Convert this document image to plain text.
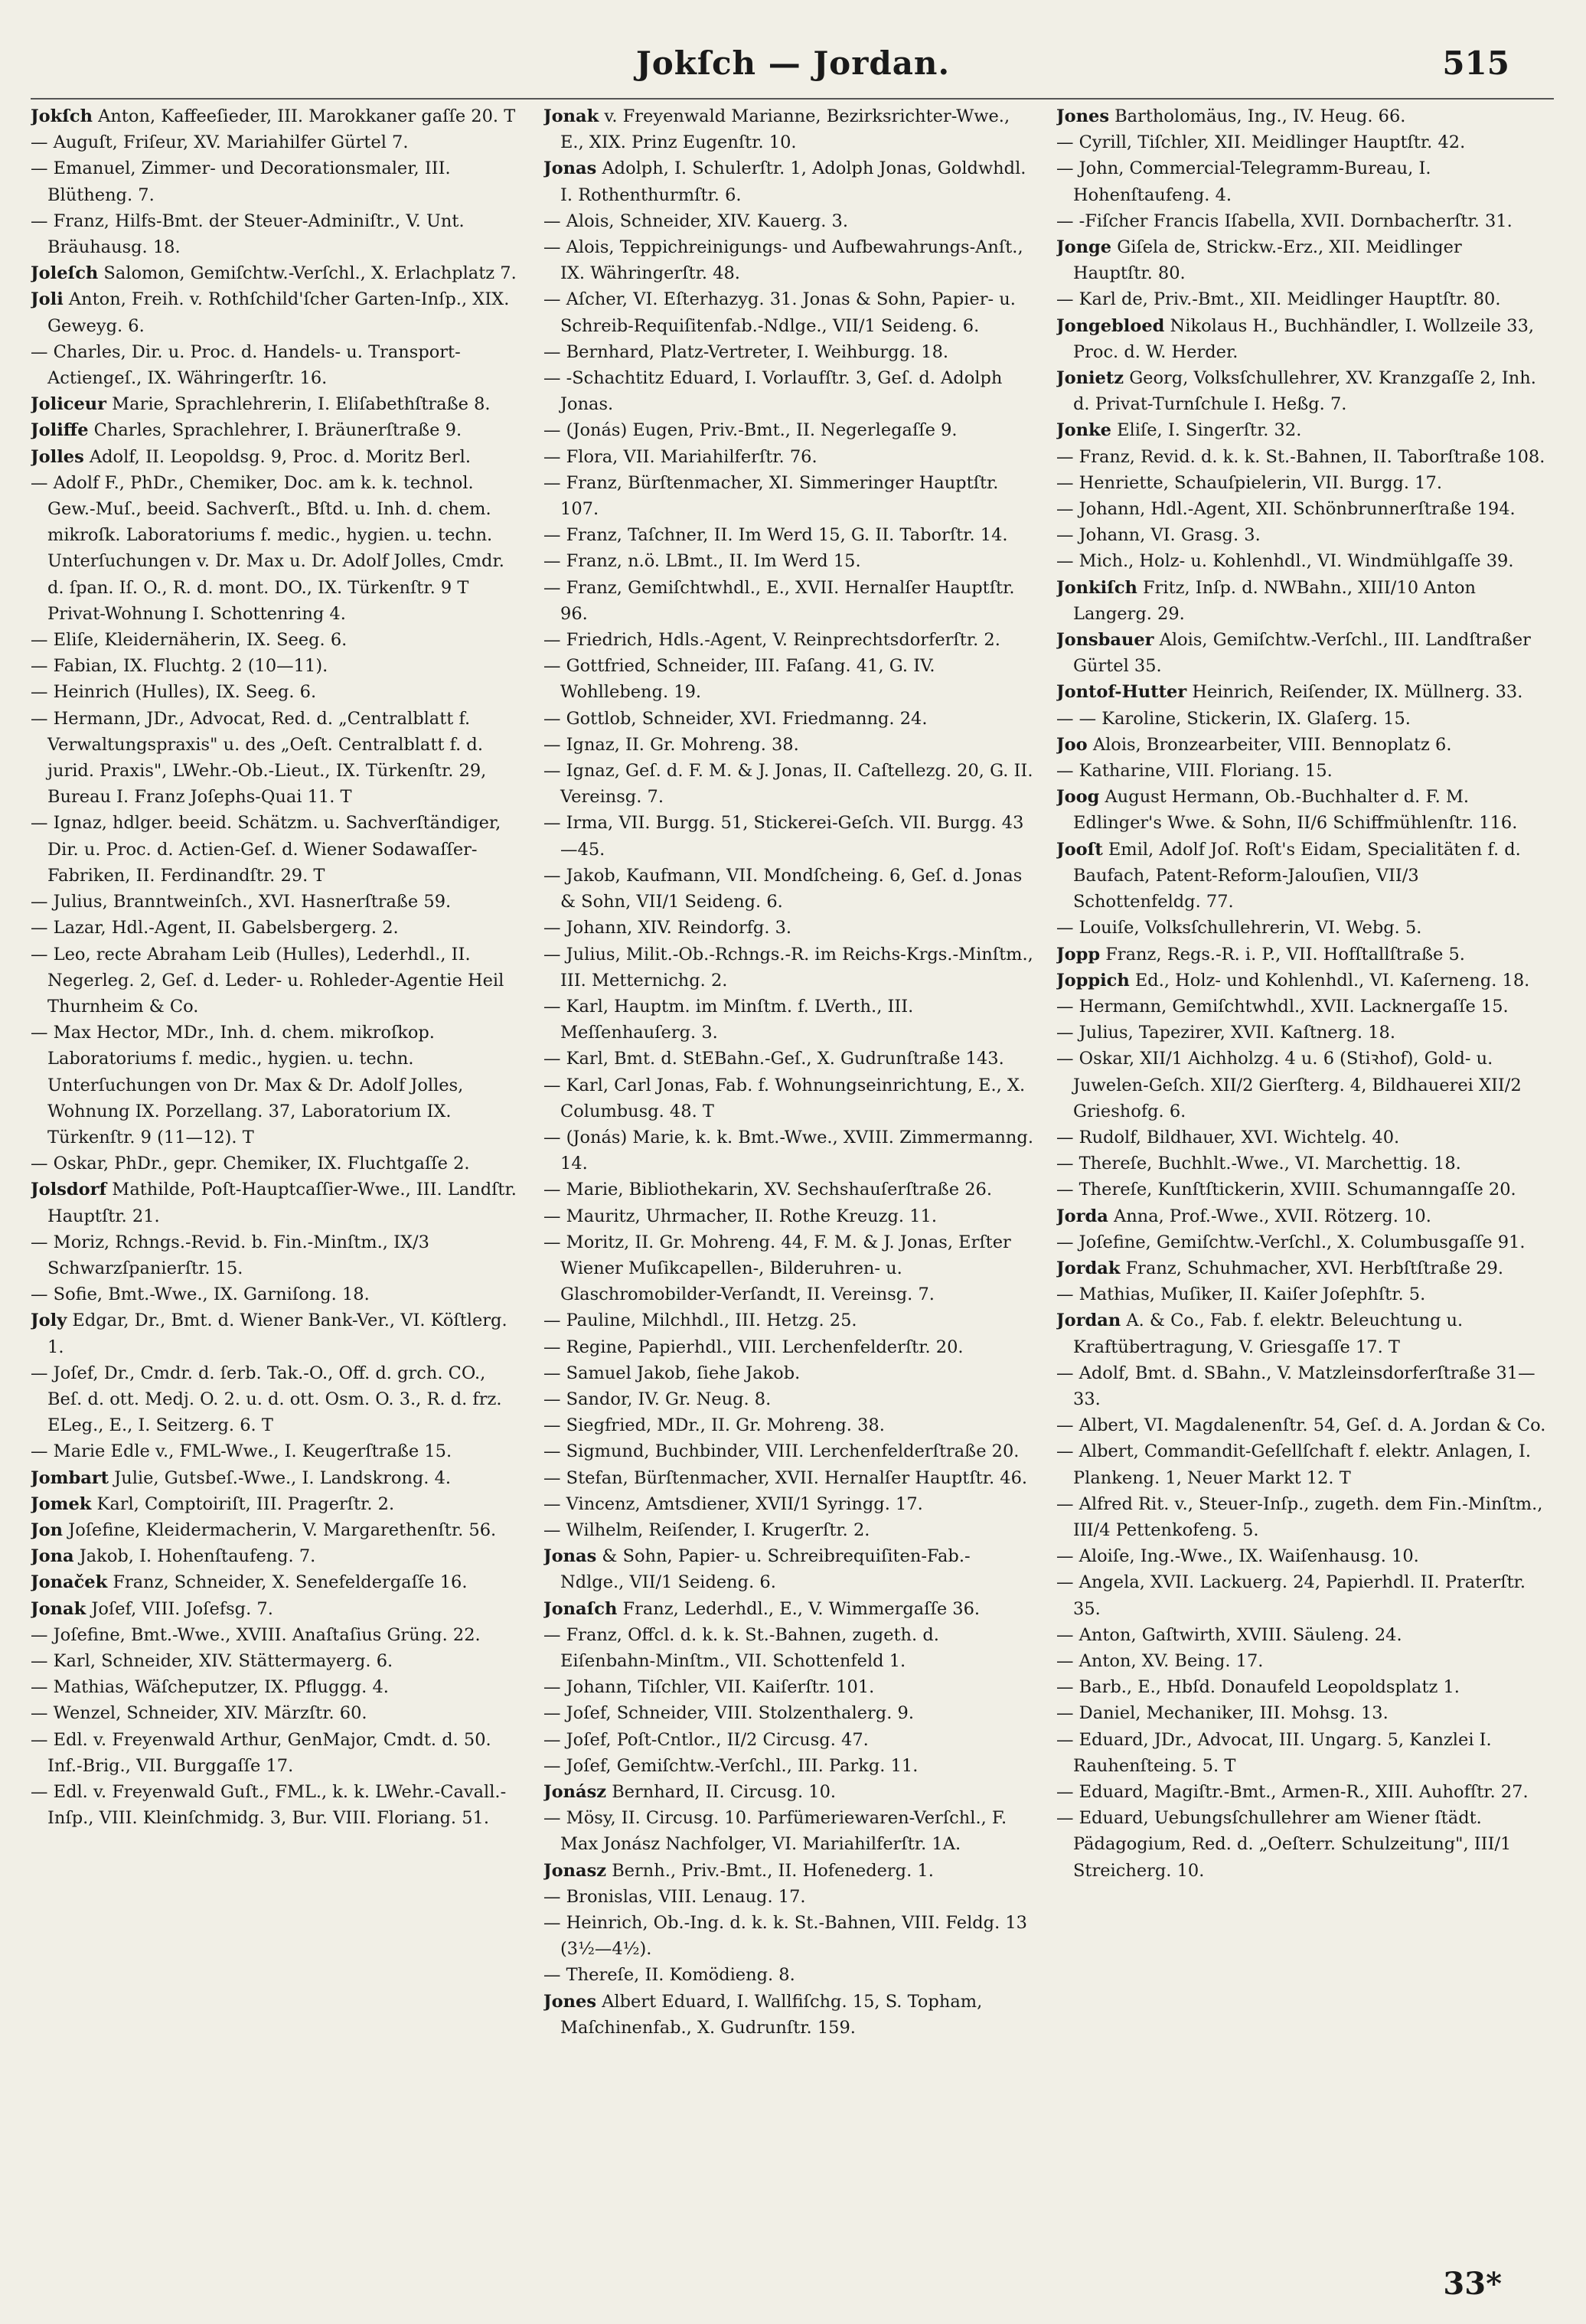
Jokſch — Jordan.	515

Jokſch Anton, Kaffeeſieder, III. Marokkaner gaſſe 20. T

— Auguſt, Friſeur, XV. Mariahilfer Gürtel 7.

— Emanuel, Zimmer- und Decorationsmaler, III. Blütheng. 7.

— Franz, Hilfs-Bmt. der Steuer-Adminiſtr., V. Unt. Bräuhausg. 18.

Joleſch Salomon, Gemiſchtw.-Verſchl., X. Erlachplatz 7.

Joli Anton, Freih. v. Rothſchild'ſcher Garten-Inſp., XIX. Geweyg. 6.

— Charles, Dir. u. Proc. d. Handels- u. Transport-Actiengeſ., IX. Währingerſtr. 16.

Joliceur Marie, Sprachlehrerin, I. Eliſabethſtraße 8.

Joliffe Charles, Sprachlehrer, I. Bräunerſtraße 9.

Jolles Adolf, II. Leopoldsg. 9, Proc. d. Moritz Berl.

— Adolf F., PhDr., Chemiker, Doc. am k. k. technol. Gew.-Muſ., beeid. Sachverſt., Bſtd. u. Inh. d. chem. mikroſk. Laboratoriums f. medic., hygien. u. techn. Unterſuchungen v. Dr. Max u. Dr. Adolf Jolles, Cmdr. d. ſpan. Iſ. O., R. d. mont. DO., IX. Türkenſtr. 9 T Privat-Wohnung I. Schottenring 4.

— Eliſe, Kleidernäherin, IX. Seeg. 6.

— Fabian, IX. Fluchtg. 2 (10—11).

— Heinrich (Hulles), IX. Seeg. 6.

— Hermann, JDr., Advocat, Red. d. „Centralblatt f. Verwaltungspraxis" u. des „Oeſt. Centralblatt f. d. jurid. Praxis", LWehr.-Ob.-Lieut., IX. Türkenſtr. 29, Bureau I. Franz Joſephs-Quai 11. T

— Ignaz, hdlger. beeid. Schätzm. u. Sachverſtändiger, Dir. u. Proc. d. Actien-Geſ. d. Wiener Sodawaſſer-Fabriken, II. Ferdinandſtr. 29. T

— Julius, Branntweinſch., XVI. Hasnerſtraße 59.

— Lazar, Hdl.-Agent, II. Gabelsbergerg. 2.

— Leo, recte Abraham Leib (Hulles), Lederhdl., II. Negerleg. 2, Geſ. d. Leder- u. Rohleder-Agentie Heil Thurnheim & Co.

— Max Hector, MDr., Inh. d. chem. mikroſkop. Laboratoriums f. medic., hygien. u. techn. Unterſuchungen von Dr. Max & Dr. Adolf Jolles, Wohnung IX. Porzellang. 37, Laboratorium IX. Türkenſtr. 9 (11—12). T

— Oskar, PhDr., gepr. Chemiker, IX. Fluchtgaſſe 2.

Jolsdorf Mathilde, Poſt-Hauptcaſſier-Wwe., III. Landſtr. Hauptſtr. 21.

— Moriz, Rchngs.-Revid. b. Fin.-Minſtm., IX/3 Schwarzſpanierſtr. 15.

— Sofie, Bmt.-Wwe., IX. Garniſong. 18.

Joly Edgar, Dr., Bmt. d. Wiener Bank-Ver., VI. Köſtlerg. 1.

— Joſef, Dr., Cmdr. d. ſerb. Tak.-O., Off. d. grch. CO., Beſ. d. ott. Medj. O. 2. u. d. ott. Osm. O. 3., R. d. frz. ELeg., E., I. Seitzerg. 6. T

— Marie Edle v., FML-Wwe., I. Keugerſtraße 15.

Jombart Julie, Gutsbeſ.-Wwe., I. Landskrong. 4.

Jomek Karl, Comptoiriſt, III. Pragerſtr. 2.

Jon Joſefine, Kleidermacherin, V. Margarethenſtr. 56.

Jona Jakob, I. Hohenſtaufeng. 7.

Jonaček Franz, Schneider, X. Senefeldergaſſe 16.

Jonak Joſef, VIII. Joſefsg. 7.

— Joſefine, Bmt.-Wwe., XVIII. Anaſtaſius Grüng. 22.

— Karl, Schneider, XIV. Stättermayerg. 6.

— Mathias, Wäſcheputzer, IX. Pfluggg. 4.

— Wenzel, Schneider, XIV. Märzſtr. 60.

— Edl. v. Freyenwald Arthur, GenMajor, Cmdt. d. 50. Inf.-Brig., VII. Burggaſſe 17.

— Edl. v. Freyenwald Guſt., FML., k. k. LWehr.-Cavall.-Inſp., VIII. Kleinſchmidg. 3, Bur. VIII. Floriang. 51.

Jonak v. Freyenwald Marianne, Bezirksrichter-Wwe., E., XIX. Prinz Eugenſtr. 10.

Jonas Adolph, I. Schulerſtr. 1, Adolph Jonas, Goldwhdl. I. Rothenthurmſtr. 6.

— Alois, Schneider, XIV. Kauerg. 3.

— Alois, Teppichreinigungs- und Aufbewahrungs-Anſt., IX. Währingerſtr. 48.

— Aſcher, VI. Eſterhazyg. 31. Jonas & Sohn, Papier- u. Schreib-Requiſitenfab.-Ndlge., VII/1 Seideng. 6.

— Bernhard, Platz-Vertreter, I. Weihburgg. 18.

— -Schachtitz Eduard, I. Vorlaufſtr. 3, Geſ. d. Adolph Jonas.

— (Jonás) Eugen, Priv.-Bmt., II. Negerlegaſſe 9.

— Flora, VII. Mariahilferſtr. 76.

— Franz, Bürſtenmacher, XI. Simmeringer Hauptſtr. 107.

— Franz, Taſchner, II. Im Werd 15, G. II. Taborſtr. 14.

— Franz, n.ö. LBmt., II. Im Werd 15.

— Franz, Gemiſchtwhdl., E., XVII. Hernalſer Hauptſtr. 96.

— Friedrich, Hdls.-Agent, V. Reinprechtsdorferſtr. 2.

— Gottfried, Schneider, III. Faſang. 41, G. IV. Wohllebeng. 19.

— Gottlob, Schneider, XVI. Friedmanng. 24.

— Ignaz, II. Gr. Mohreng. 38.

— Ignaz, Geſ. d. F. M. & J. Jonas, II. Caſtellezg. 20, G. II. Vereinsg. 7.

— Irma, VII. Burgg. 51, Stickerei-Geſch. VII. Burgg. 43—45.

— Jakob, Kaufmann, VII. Mondſcheing. 6, Geſ. d. Jonas & Sohn, VII/1 Seideng. 6.

— Johann, XIV. Reindorfg. 3.

— Julius, Milit.-Ob.-Rchngs.-R. im Reichs-Krgs.-Minſtm., III. Metternichg. 2.

— Karl, Hauptm. im Minſtm. f. LVerth., III. Meſſenhauſerg. 3.

— Karl, Bmt. d. StEBahn.-Geſ., X. Gudrunſtraße 143.

— Karl, Carl Jonas, Fab. f. Wohnungseinrichtung, E., X. Columbusg. 48. T

— (Jonás) Marie, k. k. Bmt.-Wwe., XVIII. Zimmermanng. 14.

— Marie, Bibliothekarin, XV. Sechshauſerſtraße 26.

— Mauritz, Uhrmacher, II. Rothe Kreuzg. 11.

— Moritz, II. Gr. Mohreng. 44, F. M. & J. Jonas, Erſter Wiener Muſikcapellen-, Bilderuhren- u. Glaschromobilder-Verſandt, II. Vereinsg. 7.

— Pauline, Milchhdl., III. Hetzg. 25.

— Regine, Papierhdl., VIII. Lerchenfelderſtr. 20.

— Samuel Jakob, ſiehe Jakob.

— Sandor, IV. Gr. Neug. 8.

— Siegfried, MDr., II. Gr. Mohreng. 38.

— Sigmund, Buchbinder, VIII. Lerchenfelderſtraße 20.

— Stefan, Bürſtenmacher, XVII. Hernalſer Hauptſtr. 46.

— Vincenz, Amtsdiener, XVII/1 Syringg. 17.

— Wilhelm, Reiſender, I. Krugerſtr. 2.

Jonas & Sohn, Papier- u. Schreibrequiſiten-Fab.-Ndlge., VII/1 Seideng. 6.

Jonaſch Franz, Lederhdl., E., V. Wimmergaſſe 36.

— Franz, Offcl. d. k. k. St.-Bahnen, zugeth. d. Eiſenbahn-Minſtm., VII. Schottenfeld 1.

— Johann, Tiſchler, VII. Kaiſerſtr. 101.

— Joſef, Schneider, VIII. Stolzenthalerg. 9.

— Joſef, Poſt-Cntlor., II/2 Circusg. 47.

— Joſef, Gemiſchtw.-Verſchl., III. Parkg. 11.

Jonász Bernhard, II. Circusg. 10.

— Mösy, II. Circusg. 10. Parfümeriewaren-Verſchl., F. Max Jonász Nachfolger, VI. Mariahilferſtr. 1A.

Jonasz Bernh., Priv.-Bmt., II. Hofenederg. 1.

— Bronislas, VIII. Lenaug. 17.

— Heinrich, Ob.-Ing. d. k. k. St.-Bahnen, VIII. Feldg. 13 (3½—4½).

— Thereſe, II. Komödieng. 8.

Jones Albert Eduard, I. Wallfiſchg. 15, S. Topham, Maſchinenfab., X. Gudrunſtr. 159.

Jones Bartholomäus, Ing., IV. Heug. 66.

— Cyrill, Tiſchler, XII. Meidlinger Hauptſtr. 42.

— John, Commercial-Telegramm-Bureau, I. Hohenſtaufeng. 4.

— -Fiſcher Francis Iſabella, XVII. Dornbacherſtr. 31.

Jonge Giſela de, Strickw.-Erz., XII. Meidlinger Hauptſtr. 80.

— Karl de, Priv.-Bmt., XII. Meidlinger Hauptſtr. 80.

Jongebloed Nikolaus H., Buchhändler, I. Wollzeile 33, Proc. d. W. Herder.

Jonietz Georg, Volksſchullehrer, XV. Kranzgaſſe 2, Inh. d. Privat-Turnſchule I. Heßg. 7.

Jonke Eliſe, I. Singerſtr. 32.

— Franz, Revid. d. k. k. St.-Bahnen, II. Taborſtraße 108.

— Henriette, Schauſpielerin, VII. Burgg. 17.

— Johann, Hdl.-Agent, XII. Schönbrunnerſtraße 194.

— Johann, VI. Grasg. 3.

— Mich., Holz- u. Kohlenhdl., VI. Windmühlgaſſe 39.

Jonkiſch Fritz, Inſp. d. NWBahn., XIII/10 Anton Langerg. 29.

Jonsbauer Alois, Gemiſchtw.-Verſchl., III. Landſtraßer Gürtel 35.

Jontof-Hutter Heinrich, Reiſender, IX. Müllnerg. 33.

— — Karoline, Stickerin, IX. Glaſerg. 15.

Joo Alois, Bronzearbeiter, VIII. Bennoplatz 6.

— Katharine, VIII. Floriang. 15.

Joog August Hermann, Ob.-Buchhalter d. F. M. Edlinger's Wwe. & Sohn, II/6 Schiffmühlenſtr. 116.

Jooſt Emil, Adolf Joſ. Roſt's Eidam, Specialitäten f. d. Baufach, Patent-Reform-Jalouſien, VII/3 Schottenfeldg. 77.

— Louiſe, Volksſchullehrerin, VI. Webg. 5.

Jopp Franz, Regs.-R. i. P., VII. Hofſtallſtraße 5.

Joppich Ed., Holz- und Kohlenhdl., VI. Kaſerneng. 18.

— Hermann, Gemiſchtwhdl., XVII. Lacknergaſſe 15.

— Julius, Tapezirer, XVII. Kaſtnerg. 18.

— Oskar, XII/1 Aichholzg. 4 u. 6 (Stiꝛhof), Gold- u. Juwelen-Geſch. XII/2 Gierſterg. 4, Bildhauerei XII/2 Grieshofg. 6.

— Rudolf, Bildhauer, XVI. Wichtelg. 40.

— Thereſe, Buchhlt.-Wwe., VI. Marchettig. 18.

— Thereſe, Kunſtſtickerin, XVIII. Schumanngaſſe 20.

Jorda Anna, Prof.-Wwe., XVII. Rötzerg. 10.

— Joſefine, Gemiſchtw.-Verſchl., X. Columbusgaſſe 91.

Jordak Franz, Schuhmacher, XVI. Herbſtſtraße 29.

— Mathias, Muſiker, II. Kaiſer Joſephſtr. 5.

Jordan A. & Co., Fab. f. elektr. Beleuchtung u. Kraftübertragung, V. Griesgaſſe 17. T

— Adolf, Bmt. d. SBahn., V. Matzleinsdorferſtraße 31—33.

— Albert, VI. Magdalenenſtr. 54, Geſ. d. A. Jordan & Co.

— Albert, Commandit-Geſellſchaft f. elektr. Anlagen, I. Plankeng. 1, Neuer Markt 12. T

— Alfred Rit. v., Steuer-Inſp., zugeth. dem Fin.-Minſtm., III/4 Pettenkofeng. 5.

— Aloiſe, Ing.-Wwe., IX. Waiſenhausg. 10.

— Angela, XVII. Lackuerg. 24, Papierhdl. II. Praterſtr. 35.

— Anton, Gaſtwirth, XVIII. Säuleng. 24.

— Anton, XV. Being. 17.

— Barb., E., Hbſd. Donaufeld Leopoldsplatz 1.

— Daniel, Mechaniker, III. Mohsg. 13.

— Eduard, JDr., Advocat, III. Ungarg. 5, Kanzlei I. Rauhenſteing. 5. T

— Eduard, Magiſtr.-Bmt., Armen-R., XIII. Auhofſtr. 27.

— Eduard, Uebungsſchullehrer am Wiener ſtädt. Pädagogium, Red. d. „Oeſterr. Schulzeitung", III/1 Streicherg. 10.

33*
